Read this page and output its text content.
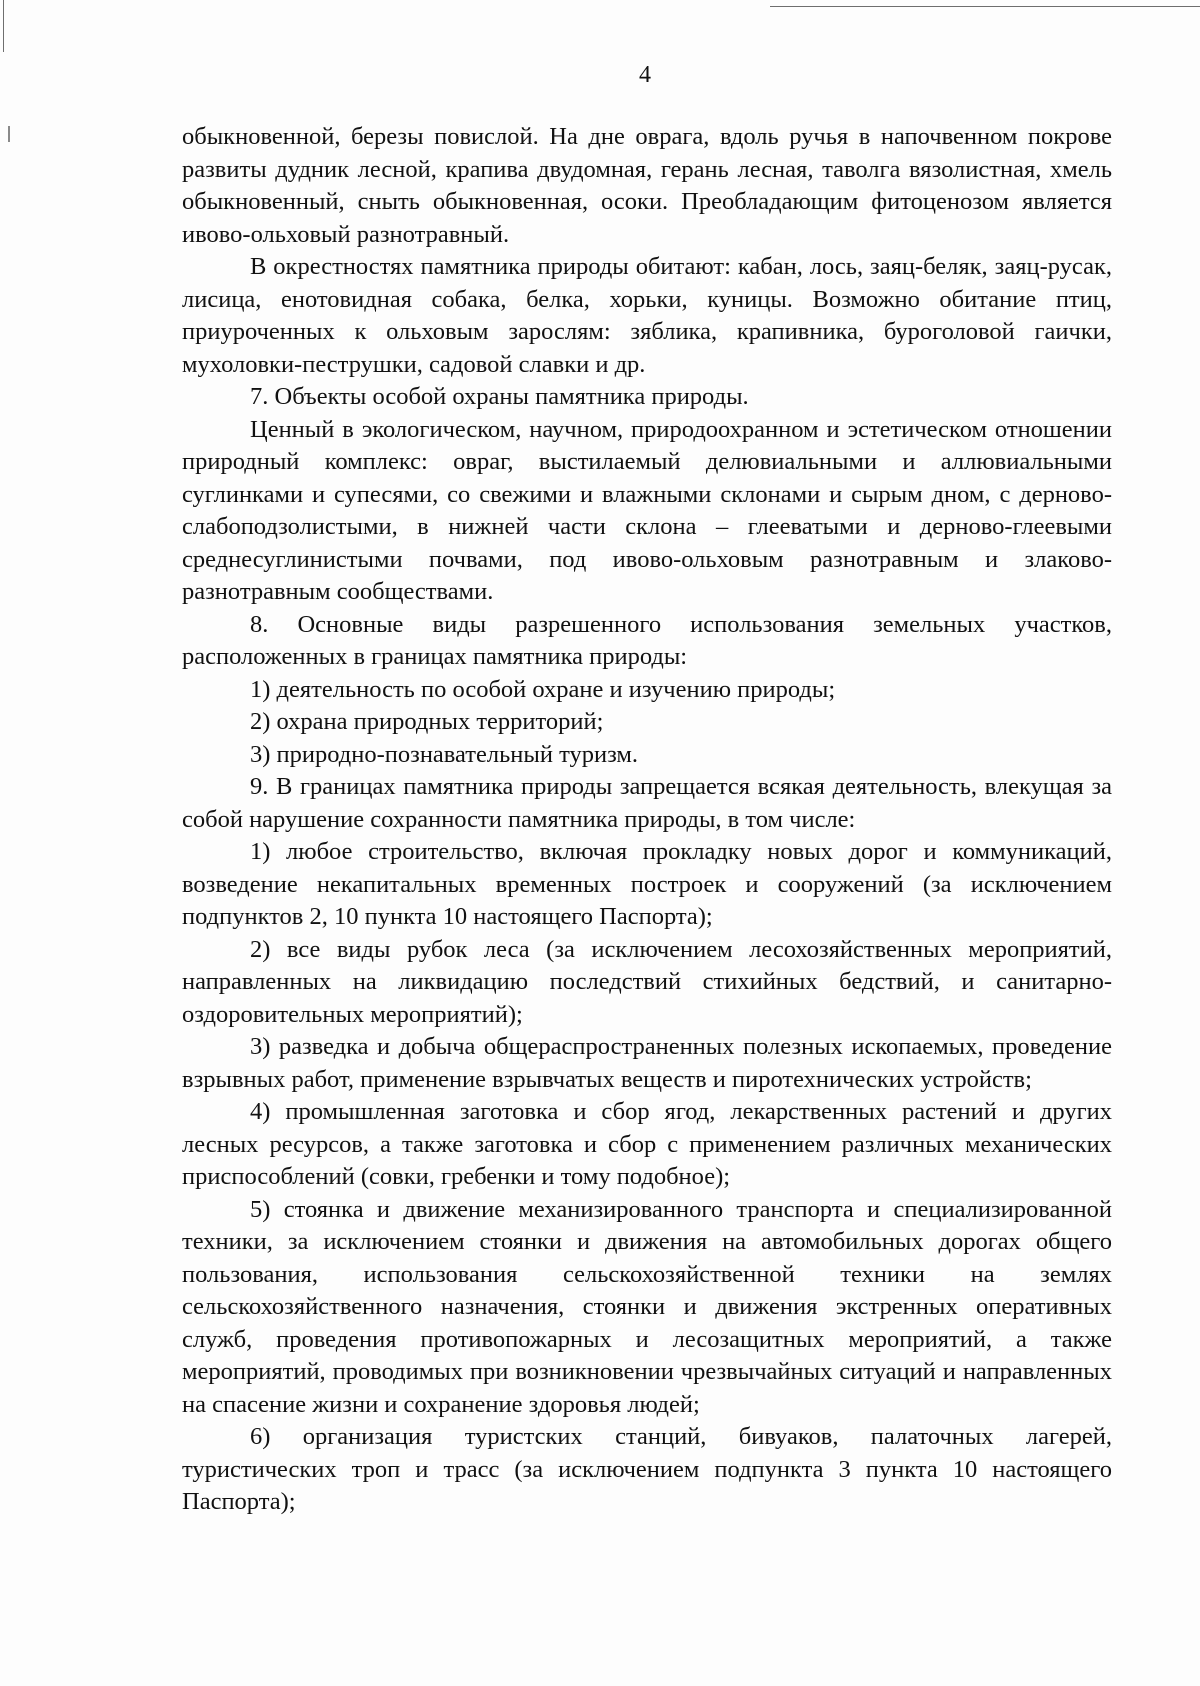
4

обыкновенной, березы повислой. На дне оврага, вдоль ручья в напочвенном покрове развиты дудник лесной, крапива двудомная, герань лесная, таволга вязолистная, хмель обыкновенный, сныть обыкновенная, осоки. Преобладающим фитоценозом является ивово-ольховый разнотравный.

В окрестностях памятника природы обитают: кабан, лось, заяц-беляк, заяц-русак, лисица, енотовидная собака, белка, хорьки, куницы. Возможно обитание птиц, приуроченных к ольховым зарослям: зяблика, крапивника, буроголовой гаички, мухоловки-пеструшки, садовой славки и др.

7. Объекты особой охраны памятника природы.

Ценный в экологическом, научном, природоохранном и эстетическом отношении природный комплекс: овраг, выстилаемый делювиальными и аллювиальными суглинками и супесями, со свежими и влажными склонами и сырым дном, с дерново-слабоподзолистыми, в нижней части склона – глееватыми и дерново-глеевыми среднесуглинистыми почвами, под ивово-ольховым разнотравным и злаково-разнотравным сообществами.

8. Основные виды разрешенного использования земельных участков, расположенных в границах памятника природы:

1) деятельность по особой охране и изучению природы;

2) охрана природных территорий;

3) природно-познавательный туризм.

9. В границах памятника природы запрещается всякая деятельность, влекущая за собой нарушение сохранности памятника природы, в том числе:

1) любое строительство, включая прокладку новых дорог и коммуникаций, возведение некапитальных временных построек и сооружений (за исключением подпунктов 2, 10 пункта 10 настоящего Паспорта);

2) все виды рубок леса (за исключением лесохозяйственных мероприятий, направленных на ликвидацию последствий стихийных бедствий, и санитарно-оздоровительных мероприятий);

3) разведка и добыча общераспространенных полезных ископаемых, проведение взрывных работ, применение взрывчатых веществ и пиротехнических устройств;

4) промышленная заготовка и сбор ягод, лекарственных растений и других лесных ресурсов, а также заготовка и сбор с применением различных механических приспособлений (совки, гребенки и тому подобное);

5) стоянка и движение механизированного транспорта и специализированной техники, за исключением стоянки и движения на автомобильных дорогах общего пользования, использования сельскохозяйственной техники на землях сельскохозяйственного назначения, стоянки и движения экстренных оперативных служб, проведения противопожарных и лесозащитных мероприятий, а также мероприятий, проводимых при возникновении чрезвычайных ситуаций и направленных на спасение жизни и сохранение здоровья людей;

6) организация туристских станций, бивуаков, палаточных лагерей, туристических троп и трасс (за исключением подпункта 3 пункта 10 настоящего Паспорта);
